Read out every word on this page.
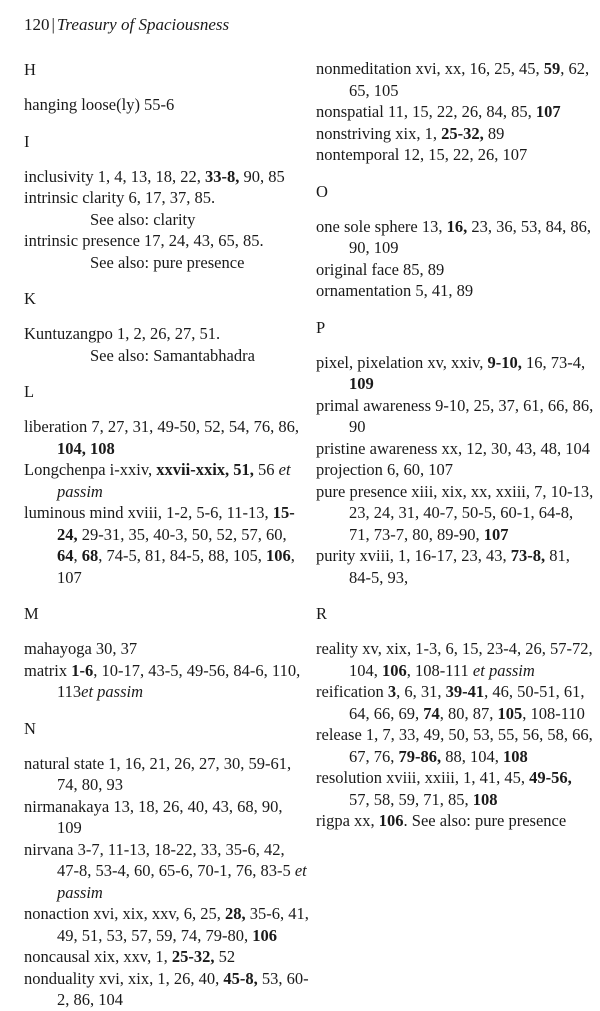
120 | Treasury of Spaciousness
H
hanging loose(ly) 55-6
I
inclusivity 1, 4, 13, 18, 22, 33-8, 90, 85
intrinsic clarity 6, 17, 37, 85.
See also: clarity
intrinsic presence 17, 24, 43, 65, 85.
See also: pure presence
K
Kuntuzangpo 1, 2, 26, 27, 51.
See also: Samantabhadra
L
liberation 7, 27, 31, 49-50, 52, 54, 76, 86, 104, 108
Longchenpa i-xxiv, xxvii-xxix, 51, 56 et passim
luminous mind xviii, 1-2, 5-6, 11-13, 15-24, 29-31, 35, 40-3, 50, 52, 57, 60, 64, 68, 74-5, 81, 84-5, 88, 105, 106, 107
M
mahayoga 30, 37
matrix 1-6, 10-17, 43-5, 49-56, 84-6, 110, 113et passim
N
natural state 1, 16, 21, 26, 27, 30, 59-61, 74, 80, 93
nirmanakaya 13, 18, 26, 40, 43, 68, 90, 109
nirvana 3-7, 11-13, 18-22, 33, 35-6, 42, 47-8, 53-4, 60, 65-6, 70-1, 76, 83-5 et passim
nonaction xvi, xix, xxv, 6, 25, 28, 35-6, 41, 49, 51, 53, 57, 59, 74, 79-80, 106
noncausal xix, xxv, 1, 25-32, 52
nonduality xvi, xix, 1, 26, 40, 45-8, 53, 60-2, 86, 104
nonmeditation xvi, xx, 16, 25, 45, 59, 62, 65, 105
nonspatial 11, 15, 22, 26, 84, 85, 107
nonstriving xix, 1, 25-32, 89
nontemporal 12, 15, 22, 26, 107
O
one sole sphere 13, 16, 23, 36, 53, 84, 86, 90, 109
original face 85, 89
ornamentation 5, 41, 89
P
pixel, pixelation xv, xxiv, 9-10, 16, 73-4, 109
primal awareness 9-10, 25, 37, 61, 66, 86, 90
pristine awareness xx, 12, 30, 43, 48, 104
projection 6, 60, 107
pure presence xiii, xix, xx, xxiii, 7, 10-13, 23, 24, 31, 40-7, 50-5, 60-1, 64-8, 71, 73-7, 80, 89-90, 107
purity xviii, 1, 16-17, 23, 43, 73-8, 81, 84-5, 93,
R
reality xv, xix, 1-3, 6, 15, 23-4, 26, 57-72, 104, 106, 108-111 et passim
reification 3, 6, 31, 39-41, 46, 50-51, 61, 64, 66, 69, 74, 80, 87, 105, 108-110
release 1, 7, 33, 49, 50, 53, 55, 56, 58, 66, 67, 76, 79-86, 88, 104, 108
resolution xviii, xxiii, 1, 41, 45, 49-56, 57, 58, 59, 71, 85, 108
rigpa xx, 106. See also: pure presence
